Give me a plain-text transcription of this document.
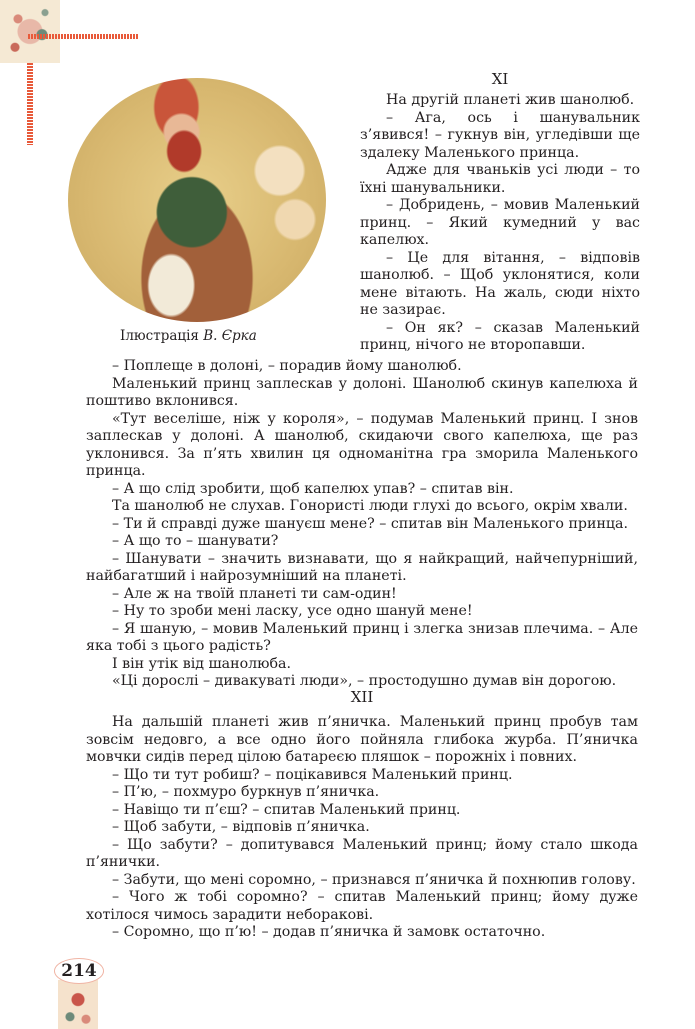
Ілюстрація В. Єрка
XI

На другій планеті жив шанолюб.

– Ага, ось і шанувальник з’явився! – гукнув він, угледівши ще здалеку Маленького принца.

Адже для чваньків усі люди – то їхні шанувальники.

– Добридень, – мовив Маленький принц. – Який кумедний у вас капелюх.

– Це для вітання, – відповів шанолюб. – Щоб уклонятися, коли мене вітають. На жаль, сюди ніхто не зазирає.

– Он як? – сказав Маленький принц, нічого не второпавши.

– Поплеще в долоні, – порадив йому шанолюб.

Маленький принц заплескав у долоні. Шанолюб скинув капелюха й поштиво вклонився.

«Тут веселіше, ніж у короля», – подумав Маленький принц. І знов заплескав у долоні. А шанолюб, скидаючи свого капелюха, ще раз уклонився. За п’ять хвилин ця одноманітна гра зморила Маленького принца.

– А що слід зробити, щоб капелюх упав? – спитав він.

Та шанолюб не слухав. Гонористі люди глухі до всього, окрім хвали.

– Ти й справді дуже шануєш мене? – спитав він Маленького принца.

– А що то – шанувати?

– Шанувати – значить визнавати, що я найкращий, найчепурніший, найбагатший і найрозумніший на планеті.

– Але ж на твоїй планеті ти сам-один!

– Ну то зроби мені ласку, усе одно шануй мене!

– Я шаную, – мовив Маленький принц і злегка знизав плечима. – Але яка тобі з цього радість?

І він утік від шанолюба.

«Ці дорослі – дивакуваті люди», – простодушно думав він дорогою.

XII

На дальшій планеті жив п’яничка. Маленький принц пробув там зовсім недовго, а все одно його пойняла глибока журба. П’яничка мовчки сидів перед цілою батареєю пляшок – порожніх і повних.

– Що ти тут робиш? – поцікавився Маленький принц.

– П’ю, – похмуро буркнув п’яничка.

– Навіщо ти п’єш? – спитав Маленький принц.

– Щоб забути, – відповів п’яничка.

– Що забути? – допитувався Маленький принц; йому стало шкода п’янички.

– Забути, що мені соромно, – признався п’яничка й похнюпив голову.

– Чого ж тобі соромно? – спитав Маленький принц; йому дуже хотілося чимось зарадити неборакові.

– Соромно, що п’ю! – додав п’яничка й замовк остаточно.

214
